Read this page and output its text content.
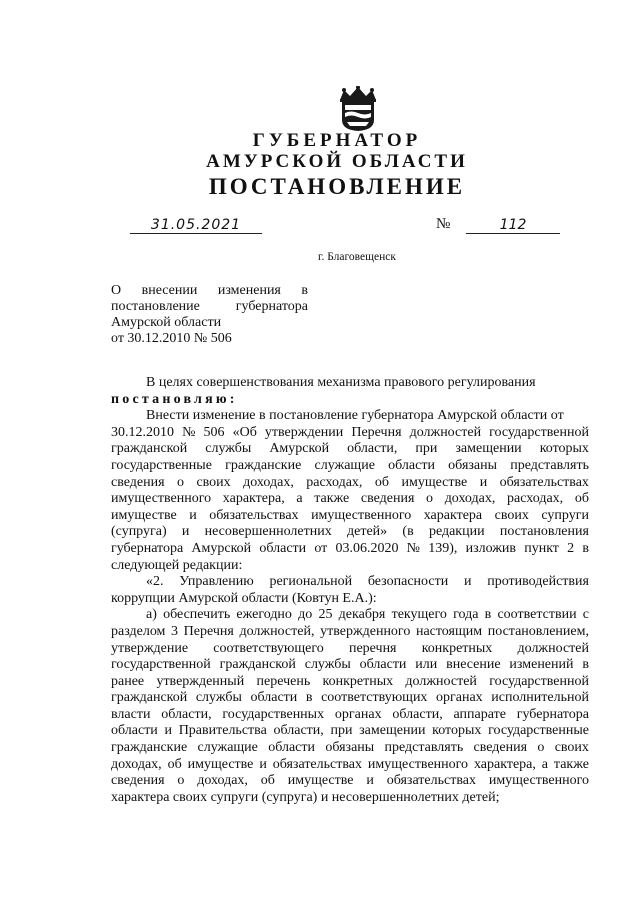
ГУБЕРНАТОР
АМУРСКОЙ ОБЛАСТИ
ПОСТАНОВЛЕНИЕ
31.05.2021	№	112
г. Благовещенск
О внесении изменения в
постановление	губернатора
Амурской области
от 30.12.2010 № 506
В целях совершенствования механизма правового регулирования
постановляю:
Внести изменение в постановление губернатора Амурской области от
30.12.2010 № 506 «Об утверждении Перечня должностей государственной
гражданской службы Амурской области, при замещении которых
государственные гражданские служащие области обязаны представлять
сведения о своих доходах, расходах, об имуществе и обязательствах
имущественного характера, а также сведения о доходах, расходах, об
имуществе и обязательствах имущественного характера своих супруги
(супруга) и несовершеннолетних детей» (в редакции постановления
губернатора Амурской области от 03.06.2020 № 139), изложив пункт 2 в
следующей редакции:
«2. Управлению региональной безопасности и противодействия
коррупции Амурской области (Ковтун Е.А.):
а) обеспечить ежегодно до 25 декабря текущего года в соответствии с
разделом 3 Перечня должностей, утвержденного настоящим постановлением,
утверждение соответствующего перечня конкретных должностей
государственной гражданской службы области или внесение изменений в
ранее утвержденный перечень конкретных должностей государственной
гражданской службы области в соответствующих органах исполнительной
власти области, государственных органах области, аппарате губернатора
области и Правительства области, при замещении которых государственные
гражданские служащие области обязаны представлять сведения о своих
доходах, об имуществе и обязательствах имущественного характера, а также
сведения о доходах, об имуществе и обязательствах имущественного
характера своих супруги (супруга) и несовершеннолетних детей;
